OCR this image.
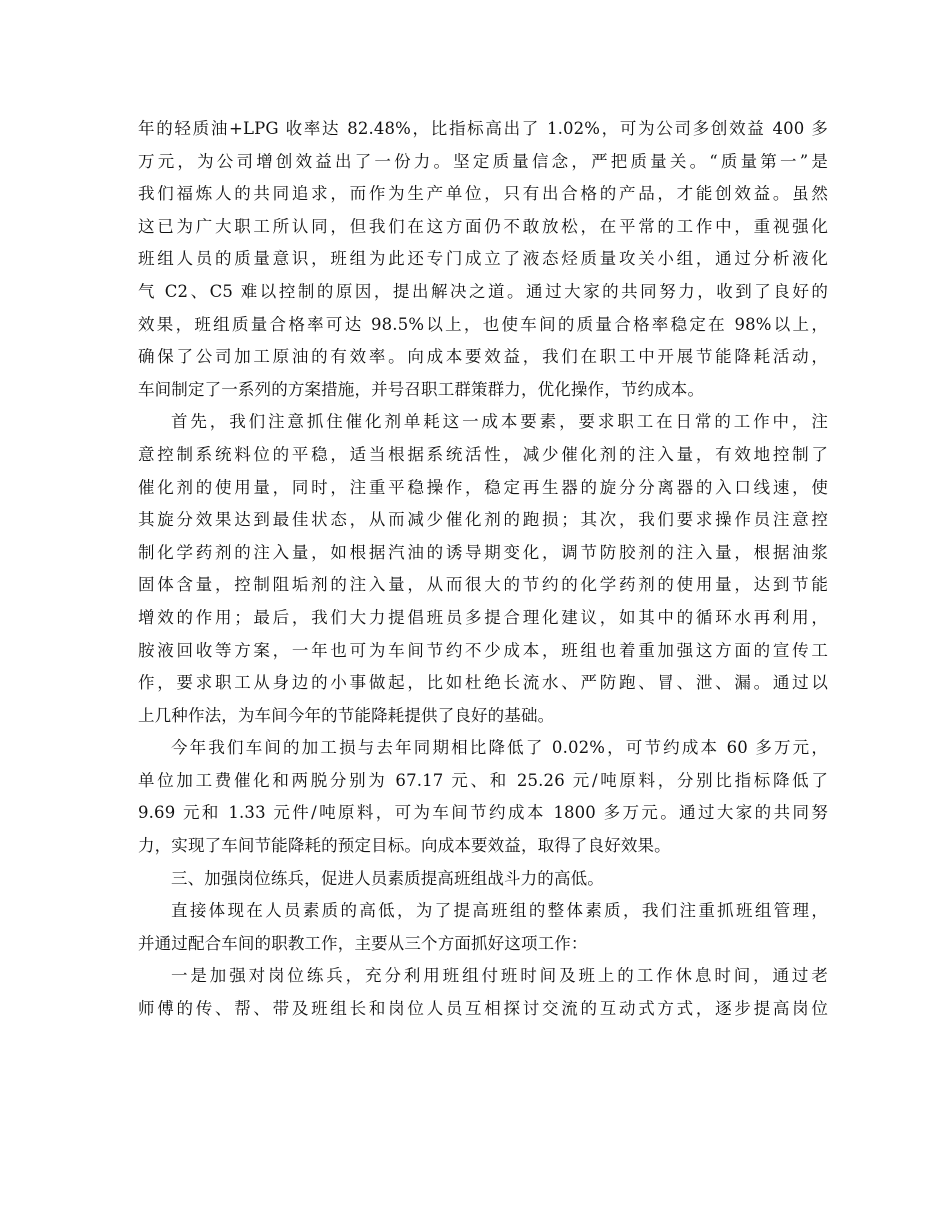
年的轻质油+LPG 收率达 82.48%，比指标高出了 1.02%，可为公司多创效益 400 多
万元，为公司增创效益出了一份力。坚定质量信念，严把质量关。“质量第一”是
我们福炼人的共同追求，而作为生产单位，只有出合格的产品，才能创效益。虽然
这已为广大职工所认同，但我们在这方面仍不敢放松，在平常的工作中，重视强化
班组人员的质量意识，班组为此还专门成立了液态烃质量攻关小组，通过分析液化
气 C2、C5 难以控制的原因，提出解决之道。通过大家的共同努力，收到了良好的
效果，班组质量合格率可达 98.5%以上，也使车间的质量合格率稳定在 98%以上，
确保了公司加工原油的有效率。向成本要效益，我们在职工中开展节能降耗活动，
车间制定了一系列的方案措施，并号召职工群策群力，优化操作，节约成本。
首先，我们注意抓住催化剂单耗这一成本要素，要求职工在日常的工作中，注
意控制系统料位的平稳，适当根据系统活性，减少催化剂的注入量，有效地控制了
催化剂的使用量，同时，注重平稳操作，稳定再生器的旋分分离器的入口线速，使
其旋分效果达到最佳状态，从而减少催化剂的跑损；其次，我们要求操作员注意控
制化学药剂的注入量，如根据汽油的诱导期变化，调节防胶剂的注入量，根据油浆
固体含量，控制阻垢剂的注入量，从而很大的节约的化学药剂的使用量，达到节能
增效的作用；最后，我们大力提倡班员多提合理化建议，如其中的循环水再利用，
胺液回收等方案，一年也可为车间节约不少成本，班组也着重加强这方面的宣传工
作，要求职工从身边的小事做起，比如杜绝长流水、严防跑、冒、泄、漏。通过以
上几种作法，为车间今年的节能降耗提供了良好的基础。
今年我们车间的加工损与去年同期相比降低了 0.02%，可节约成本 60 多万元，
单位加工费催化和两脱分别为 67.17 元、和 25.26 元/吨原料，分别比指标降低了
9.69 元和 1.33 元件/吨原料，可为车间节约成本 1800 多万元。通过大家的共同努
力，实现了车间节能降耗的预定目标。向成本要效益，取得了良好效果。
三、加强岗位练兵，促进人员素质提高班组战斗力的高低。
直接体现在人员素质的高低，为了提高班组的整体素质，我们注重抓班组管理，
并通过配合车间的职教工作，主要从三个方面抓好这项工作：
一是加强对岗位练兵，充分利用班组付班时间及班上的工作休息时间，通过老
师傅的传、帮、带及班组长和岗位人员互相探讨交流的互动式方式，逐步提高岗位
